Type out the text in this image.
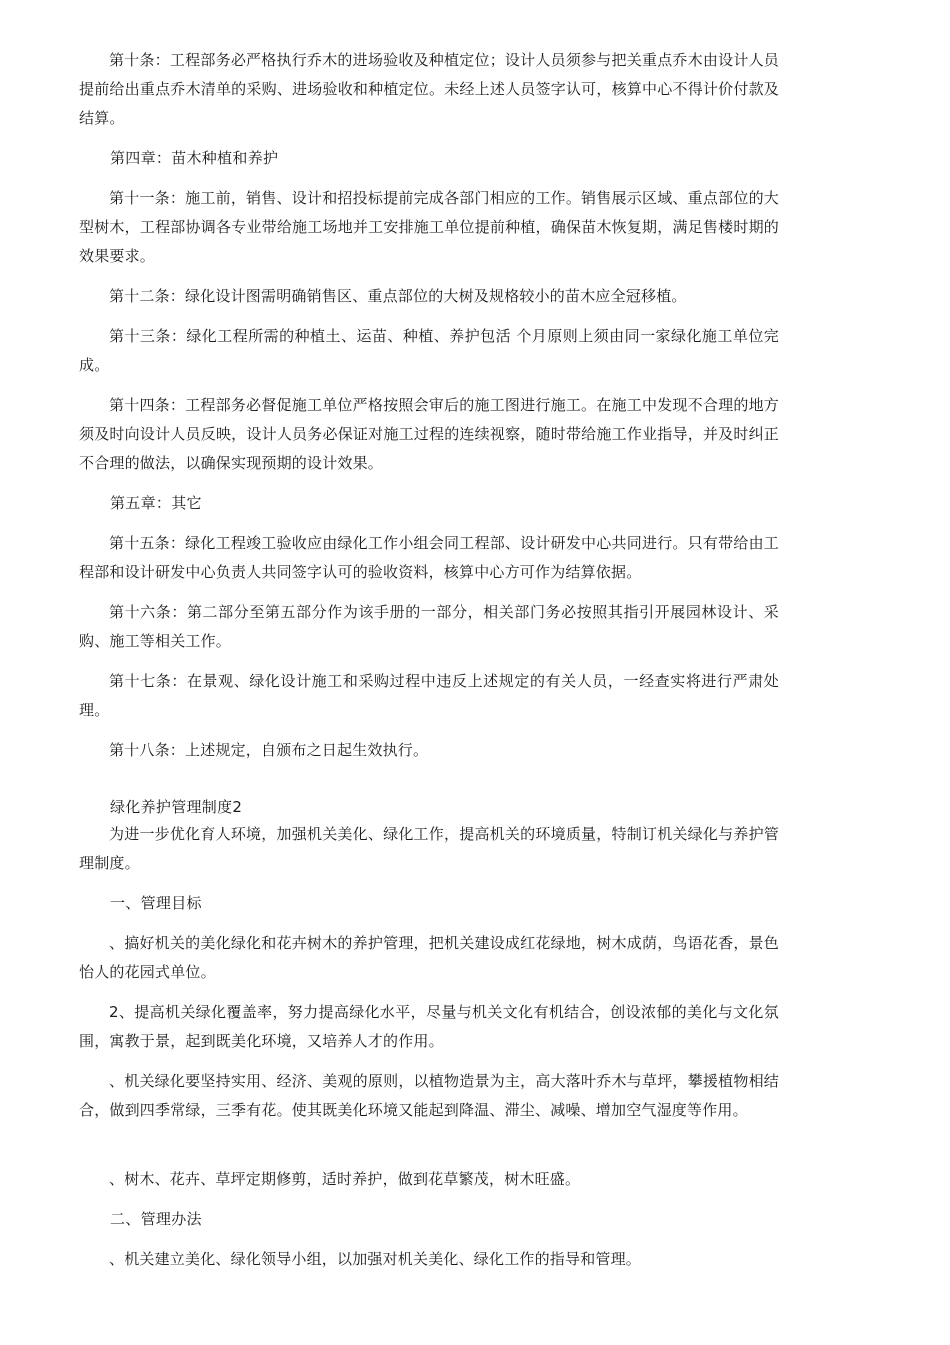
第十条：工程部务必严格执行乔木的进场验收及种植定位；设计人员须参与把关重点乔木由设计人员提前给出重点乔木清单的采购、进场验收和种植定位。未经上述人员签字认可，核算中心不得计价付款及结算。

第四章：苗木种植和养护

第十一条：施工前，销售、设计和招投标提前完成各部门相应的工作。销售展示区域、重点部位的大型树木，工程部协调各专业带给施工场地并工安排施工单位提前种植，确保苗木恢复期，满足售楼时期的效果要求。

第十二条：绿化设计图需明确销售区、重点部位的大树及规格较小的苗木应全冠移植。

第十三条：绿化工程所需的种植土、运苗、种植、养护包活 个月原则上须由同一家绿化施工单位完成。

第十四条：工程部务必督促施工单位严格按照会审后的施工图进行施工。在施工中发现不合理的地方须及时向设计人员反映，设计人员务必保证对施工过程的连续视察，随时带给施工作业指导，并及时纠正不合理的做法，以确保实现预期的设计效果。

第五章：其它

第十五条：绿化工程竣工验收应由绿化工作小组会同工程部、设计研发中心共同进行。只有带给由工程部和设计研发中心负责人共同签字认可的验收资料，核算中心方可作为结算依据。

第十六条：第二部分至第五部分作为该手册的一部分，相关部门务必按照其指引开展园林设计、采购、施工等相关工作。

第十七条：在景观、绿化设计施工和采购过程中违反上述规定的有关人员，一经查实将进行严肃处理。

第十八条：上述规定，自颁布之日起生效执行。

绿化养护管理制度2

为进一步优化育人环境，加强机关美化、绿化工作，提高机关的环境质量，特制订机关绿化与养护管理制度。

一、管理目标

、搞好机关的美化绿化和花卉树木的养护管理，把机关建设成红花绿地，树木成荫，鸟语花香，景色怡人的花园式单位。

2、提高机关绿化覆盖率，努力提高绿化水平，尽量与机关文化有机结合，创设浓郁的美化与文化氛围，寓教于景，起到既美化环境，又培养人才的作用。

、机关绿化要坚持实用、经济、美观的原则，以植物造景为主，高大落叶乔木与草坪，攀援植物相结合，做到四季常绿，三季有花。使其既美化环境又能起到降温、滞尘、减噪、增加空气湿度等作用。

、树木、花卉、草坪定期修剪，适时养护，做到花草繁茂，树木旺盛。

二、管理办法

、机关建立美化、绿化领导小组，以加强对机关美化、绿化工作的指导和管理。
